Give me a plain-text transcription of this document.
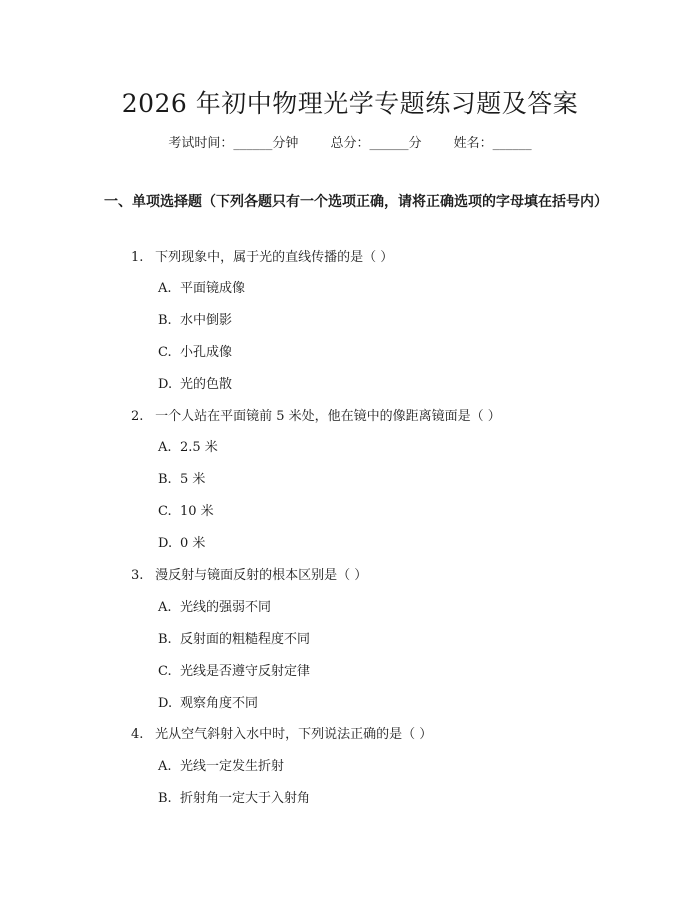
2026 年初中物理光学专题练习题及答案
考试时间：______分钟 总分：______分 姓名：______
一、单项选择题（下列各题只有一个选项正确，请将正确选项的字母填在括号内）
1. 下列现象中，属于光的直线传播的是（ ）
A. 平面镜成像
B. 水中倒影
C. 小孔成像
D. 光的色散
2. 一个人站在平面镜前 5 米处，他在镜中的像距离镜面是（ ）
A. 2.5 米
B. 5 米
C. 10 米
D. 0 米
3. 漫反射与镜面反射的根本区别是（ ）
A. 光线的强弱不同
B. 反射面的粗糙程度不同
C. 光线是否遵守反射定律
D. 观察角度不同
4. 光从空气斜射入水中时，下列说法正确的是（ ）
A. 光线一定发生折射
B. 折射角一定大于入射角
